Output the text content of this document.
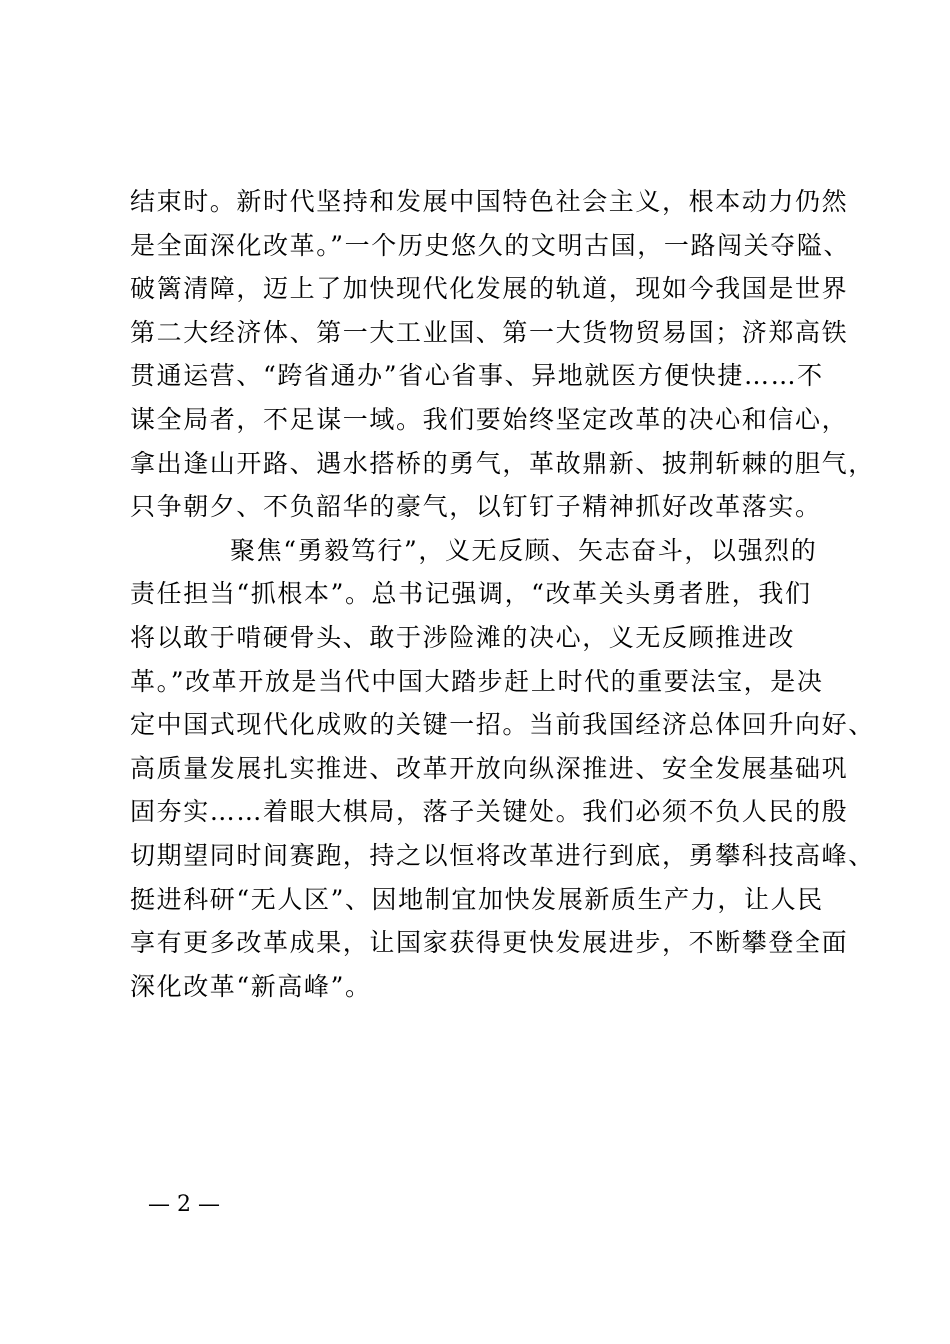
结束时。新时代坚持和发展中国特色社会主义，根本动力仍然
是全面深化改革。”一个历史悠久的文明古国，一路闯关夺隘、
破篱清障，迈上了加快现代化发展的轨道，现如今我国是世界
第二大经济体、第一大工业国、第一大货物贸易国；济郑高铁
贯通运营、“跨省通办”省心省事、异地就医方便快捷……不
谋全局者，不足谋一域。我们要始终坚定改革的决心和信心，
拿出逢山开路、遇水搭桥的勇气，革故鼎新、披荆斩棘的胆气，
只争朝夕、不负韶华的豪气，以钉钉子精神抓好改革落实。
聚焦“勇毅笃行”，义无反顾、矢志奋斗，以强烈的
责任担当“抓根本”。总书记强调，“改革关头勇者胜，我们
将以敢于啃硬骨头、敢于涉险滩的决心，义无反顾推进改
革。”改革开放是当代中国大踏步赶上时代的重要法宝，是决
定中国式现代化成败的关键一招。当前我国经济总体回升向好、
高质量发展扎实推进、改革开放向纵深推进、安全发展基础巩
固夯实……着眼大棋局，落子关键处。我们必须不负人民的殷
切期望同时间赛跑，持之以恒将改革进行到底，勇攀科技高峰、
挺进科研“无人区”、因地制宜加快发展新质生产力，让人民
享有更多改革成果，让国家获得更快发展进步，不断攀登全面
深化改革“新高峰”。
— 2 —
